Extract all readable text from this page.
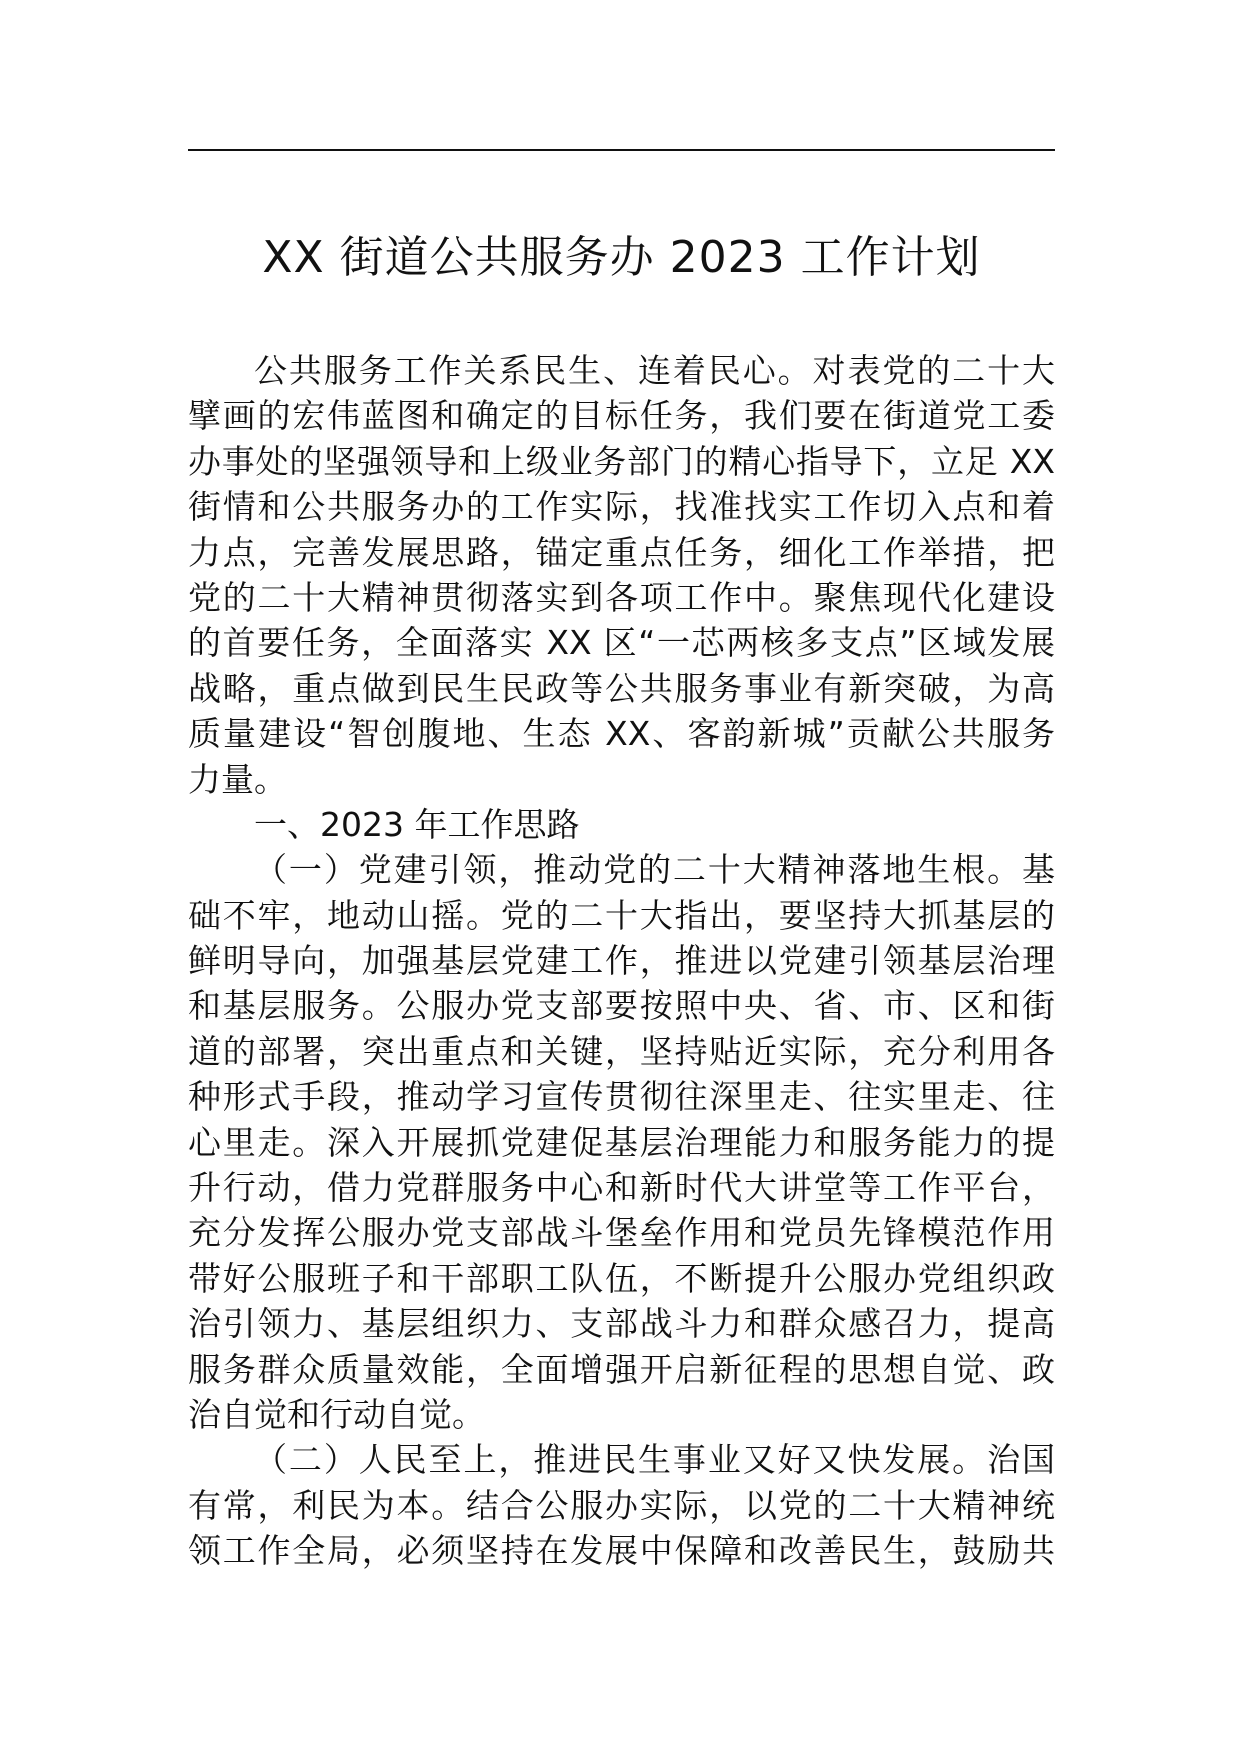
XX 街道公共服务办 2023 工作计划
公共服务工作关系民生、连着民心。对表党的二十大
擘画的宏伟蓝图和确定的目标任务，我们要在街道党工委
办事处的坚强领导和上级业务部门的精心指导下，立足 XX
街情和公共服务办的工作实际，找准找实工作切入点和着
力点，完善发展思路，锚定重点任务，细化工作举措，把
党的二十大精神贯彻落实到各项工作中。聚焦现代化建设
的首要任务，全面落实 XX 区“一芯两核多支点”区域发展
战略，重点做到民生民政等公共服务事业有新突破，为高
质量建设“智创腹地、生态 XX、客韵新城”贡献公共服务
力量。
一、2023 年工作思路
（一）党建引领，推动党的二十大精神落地生根。基
础不牢，地动山摇。党的二十大指出，要坚持大抓基层的
鲜明导向，加强基层党建工作，推进以党建引领基层治理
和基层服务。公服办党支部要按照中央、省、市、区和街
道的部署，突出重点和关键，坚持贴近实际，充分利用各
种形式手段，推动学习宣传贯彻往深里走、往实里走、往
心里走。深入开展抓党建促基层治理能力和服务能力的提
升行动，借力党群服务中心和新时代大讲堂等工作平台，
充分发挥公服办党支部战斗堡垒作用和党员先锋模范作用
带好公服班子和干部职工队伍，不断提升公服办党组织政
治引领力、基层组织力、支部战斗力和群众感召力，提高
服务群众质量效能，全面增强开启新征程的思想自觉、政
治自觉和行动自觉。
（二）人民至上，推进民生事业又好又快发展。治国
有常，利民为本。结合公服办实际，以党的二十大精神统
领工作全局，必须坚持在发展中保障和改善民生，鼓励共
